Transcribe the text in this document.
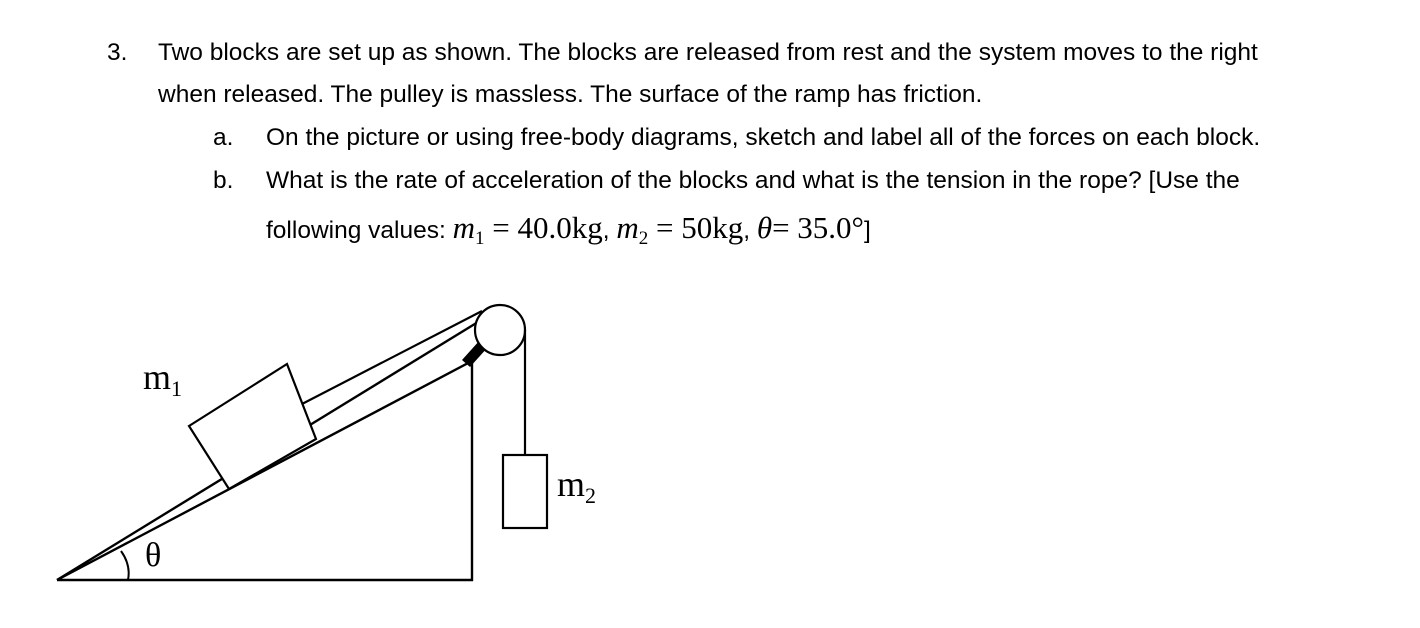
3. Two blocks are set up as shown. The blocks are released from rest and the system moves to the right
when released. The pulley is massless. The surface of the ramp has friction.
a. On the picture or using free-body diagrams, sketch and label all of the forces on each block.
b. What is the rate of acceleration of the blocks and what is the tension in the rope? [Use the
following values: $m_1 = 40.0kg$, $m_2 = 50kg$, θ= 35.0°]
m1
m2
θ
